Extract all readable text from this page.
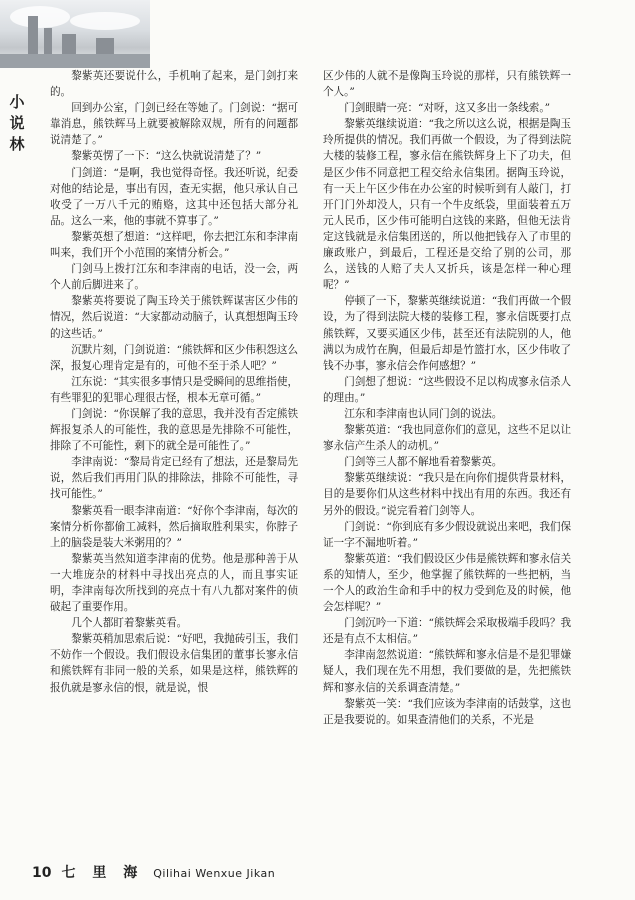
小说林

黎紫英还要说什么，手机响了起来，是门剑打来的。

回到办公室，门剑已经在等她了。门剑说：“据可靠消息，熊铁辉马上就要被解除双规，所有的问题都说清楚了。”

黎紫英愣了一下：“这么快就说清楚了？”

门剑道：“是啊，我也觉得奇怪。我还听说，纪委对他的结论是，事出有因，查无实据，他只承认自己收受了一万八千元的贿赂，这其中还包括大部分礼品。这么一来，他的事就不算事了。”

黎紫英想了想道：“这样吧，你去把江东和李津南叫来，我们开个小范围的案情分析会。”

门剑马上拨打江东和李津南的电话，没一会，两个人前后脚进来了。

黎紫英将要说了陶玉玲关于熊铁辉谋害区少伟的情况，然后说道：“大家都动动脑子，认真想想陶玉玲的这些话。”

沉默片刻，门剑说道：“熊铁辉和区少伟积怨这么深，报复心理肯定是有的，可他不至于杀人吧？”

江东说：“其实很多事情只是受瞬间的思维指使，有些罪犯的犯罪心理很古怪，根本无章可循。”

门剑说：“你误解了我的意思，我并没有否定熊铁辉报复杀人的可能性，我的意思是先排除不可能性，排除了不可能性，剩下的就全是可能性了。”

李津南说：“黎局肯定已经有了想法，还是黎局先说，然后我们再用门队的排除法，排除不可能性，寻找可能性。”

黎紫英看一眼李津南道：“好你个李津南，每次的案情分析你都偷工减料，然后摘取胜利果实，你脖子上的脑袋是装大米粥用的？”

黎紫英当然知道李津南的优势。他是那种善于从一大堆庞杂的材料中寻找出亮点的人，而且事实证明，李津南每次所找到的亮点十有八九都对案件的侦破起了重要作用。

几个人都盯着黎紫英看。

黎紫英稍加思索后说：“好吧，我抛砖引玉，我们不妨作一个假设。我们假设永信集团的董事长寥永信和熊铁辉有非同一般的关系，如果是这样，熊铁辉的报仇就是寥永信的恨，就是说，恨

区少伟的人就不是像陶玉玲说的那样，只有熊铁辉一个人。”

门剑眼睛一亮：“对呀，这又多出一条线索。”

黎紫英继续说道：“我之所以这么说，根据是陶玉玲所提供的情况。我们再做一个假设，为了得到法院大楼的装修工程，寥永信在熊铁辉身上下了功夫，但是区少伟不同意把工程交给永信集团。据陶玉玲说，有一天上午区少伟在办公室的时候听到有人敲门，打开门门外却没人，只有一个牛皮纸袋，里面装着五万元人民币，区少伟可能明白这钱的来路，但他无法肯定这钱就是永信集团送的，所以他把钱存入了市里的廉政账户，到最后，工程还是交给了别的公司，那么，送钱的人赔了夫人又折兵，该是怎样一种心理呢？”

停顿了一下，黎紫英继续说道：“我们再做一个假设，为了得到法院大楼的装修工程，寥永信既要打点熊铁辉，又要买通区少伟，甚至还有法院别的人，他满以为成竹在胸，但最后却是竹篮打水，区少伟收了钱不办事，寥永信会作何感想？”

门剑想了想说：“这些假设不足以构成寥永信杀人的理由。”

江东和李津南也认同门剑的说法。

黎紫英道：“我也同意你们的意见，这些不足以让寥永信产生杀人的动机。”

门剑等三人都不解地看着黎紫英。

黎紫英继续说：“我只是在向你们提供背景材料，目的是要你们从这些材料中找出有用的东西。我还有另外的假设。”说完看着门剑等人。

门剑说：“你到底有多少假设就说出来吧，我们保证一字不漏地听着。”

黎紫英道：“我们假设区少伟是熊铁辉和寥永信关系的知情人，至少，他掌握了熊铁辉的一些把柄，当一个人的政治生命和手中的权力受到危及的时候，他会怎样呢？”

门剑沉吟一下道：“熊铁辉会采取极端手段吗？我还是有点不太相信。”

李津南忽然说道：“熊铁辉和寥永信是不是犯罪嫌疑人，我们现在先不用想，我们要做的是，先把熊铁辉和寥永信的关系调查清楚。”

黎紫英一笑：“我们应该为李津南的话鼓掌，这也正是我要说的。如果查清他们的关系，不光是

10 七 里 海 Qilihai Wenxue Jikan
